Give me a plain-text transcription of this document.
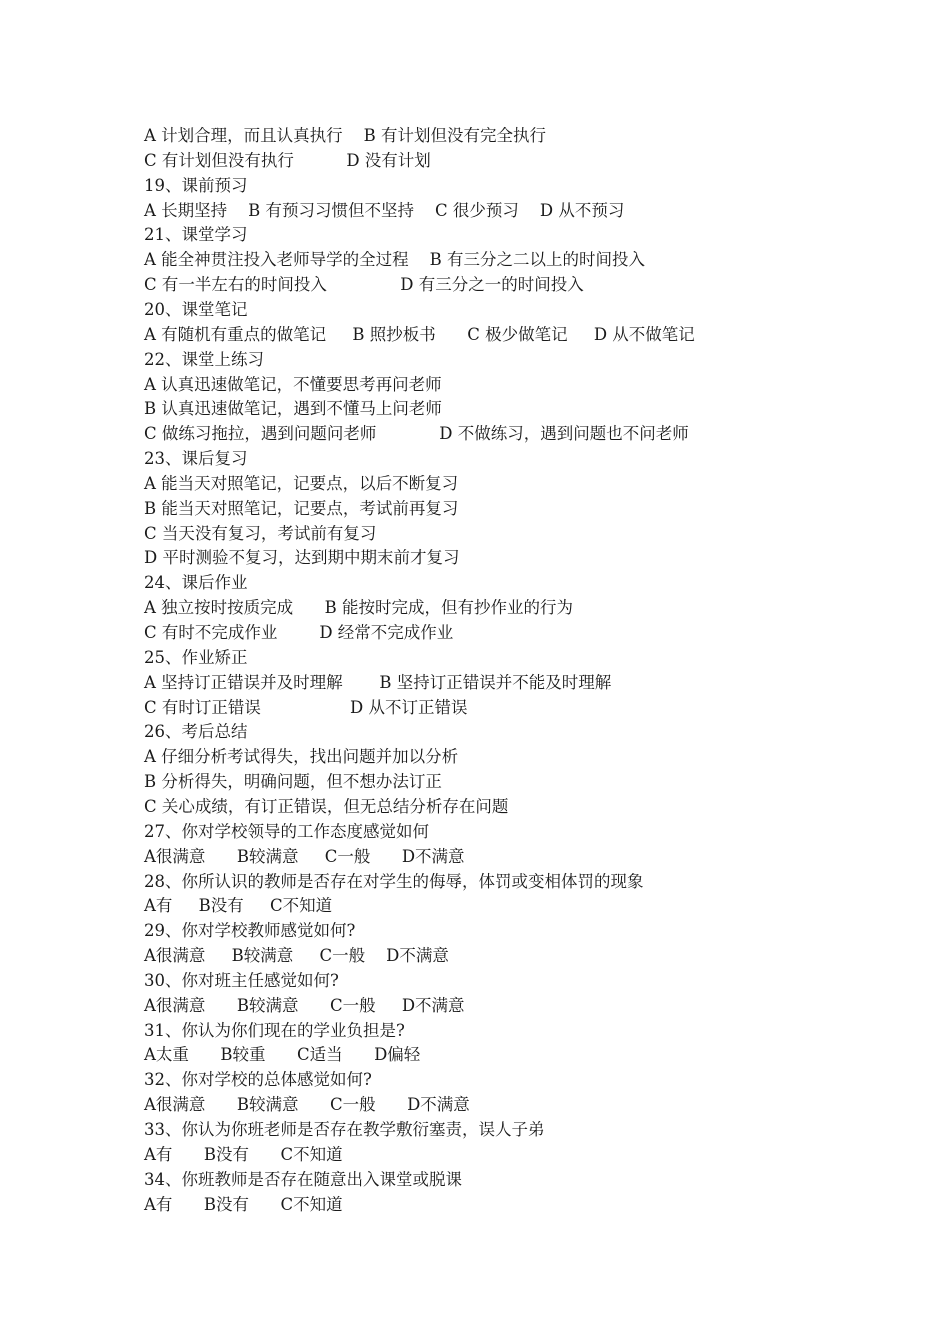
A 计划合理，而且认真执行    B 有计划但没有完全执行
C 有计划但没有执行          D 没有计划
19、课前预习
A 长期坚持    B 有预习习惯但不坚持    C 很少预习    D 从不预习
21、课堂学习
A 能全神贯注投入老师导学的全过程    B 有三分之二以上的时间投入
C 有一半左右的时间投入              D 有三分之一的时间投入
20、课堂笔记
A 有随机有重点的做笔记     B 照抄板书      C 极少做笔记     D 从不做笔记
22、课堂上练习
A 认真迅速做笔记，不懂要思考再问老师
B 认真迅速做笔记，遇到不懂马上问老师
C 做练习拖拉，遇到问题问老师            D 不做练习，遇到问题也不问老师
23、课后复习
A 能当天对照笔记，记要点，以后不断复习
B 能当天对照笔记，记要点，考试前再复习
C 当天没有复习，考试前有复习
D 平时测验不复习，达到期中期末前才复习
24、课后作业
A 独立按时按质完成      B 能按时完成，但有抄作业的行为
C 有时不完成作业        D 经常不完成作业
25、作业矫正
A 坚持订正错误并及时理解       B 坚持订正错误并不能及时理解
C 有时订正错误                 D 从不订正错误
26、考后总结
A 仔细分析考试得失，找出问题并加以分析
B 分析得失，明确问题，但不想办法订正
C 关心成绩，有订正错误，但无总结分析存在问题
27、你对学校领导的工作态度感觉如何
A很满意      B较满意     C一般      D不满意
28、你所认识的教师是否存在对学生的侮辱，体罚或变相体罚的现象
A有     B没有     C不知道
29、你对学校教师感觉如何?
A很满意     B较满意     C一般    D不满意
30、你对班主任感觉如何?
A很满意      B较满意      C一般     D不满意
31、你认为你们现在的学业负担是?
A太重      B较重      C适当      D偏轻
32、你对学校的总体感觉如何?
A很满意      B较满意      C一般      D不满意
33、你认为你班老师是否存在教学敷衍塞责，误人子弟
A有      B没有      C不知道
34、你班教师是否存在随意出入课堂或脱课
A有      B没有      C不知道
